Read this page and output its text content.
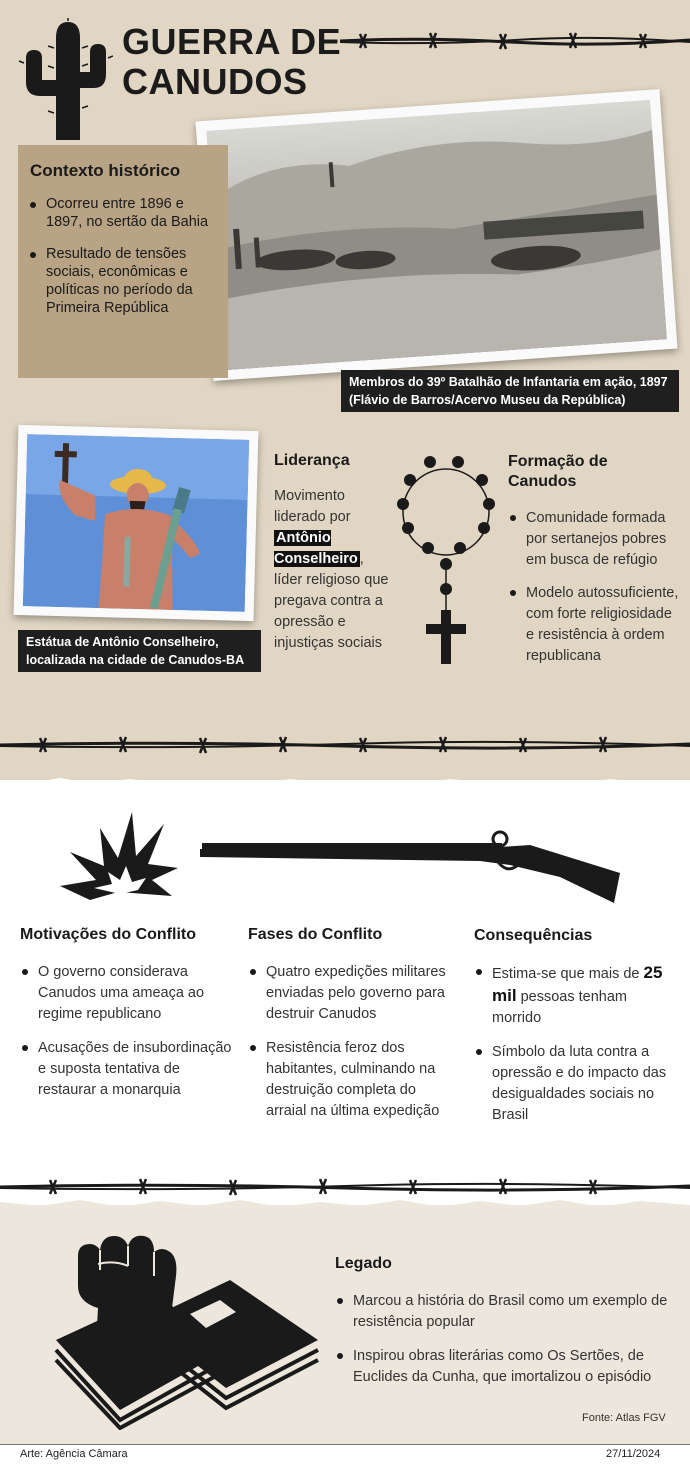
GUERRA DE
CANUDOS
Membros do 39º Batalhão de Infantaria em ação, 1897 (Flávio de Barros/Acervo Museu da República)
Contexto histórico
Ocorreu entre 1896 e 1897, no sertão da Bahia
Resultado de tensões sociais, econômicas e políticas no período da Primeira República
Estátua de Antônio Conselheiro, localizada na cidade de Canudos-BA
Liderança
Movimento liderado por Antônio Conselheiro , líder religioso que pregava contra a opressão e injustiças sociais
Formação de Canudos
Comunidade formada por sertanejos pobres em busca de refúgio
Modelo autossuficiente, com forte religiosidade e resistência à ordem republicana
Motivações do Conflito
O governo considerava Canudos uma ameaça ao regime republicano
Acusações de insubordinação e suposta tentativa de restaurar a monarquia
Fases do Conflito
Quatro expedições militares enviadas pelo governo para destruir Canudos
Resistência feroz dos habitantes, culminando na destruição completa do arraial na última expedição
Consequências
Estima-se que mais de 25 mil pessoas tenham morrido
Símbolo da luta contra a opressão e do impacto das desigualdades sociais no Brasil
Legado
Marcou a história do Brasil como um exemplo de resistência popular
Inspirou obras literárias como Os Sertões, de Euclides da Cunha, que imortalizou o episódio
Fonte: Atlas FGV
Arte: Agência Câmara	27/11/2024
